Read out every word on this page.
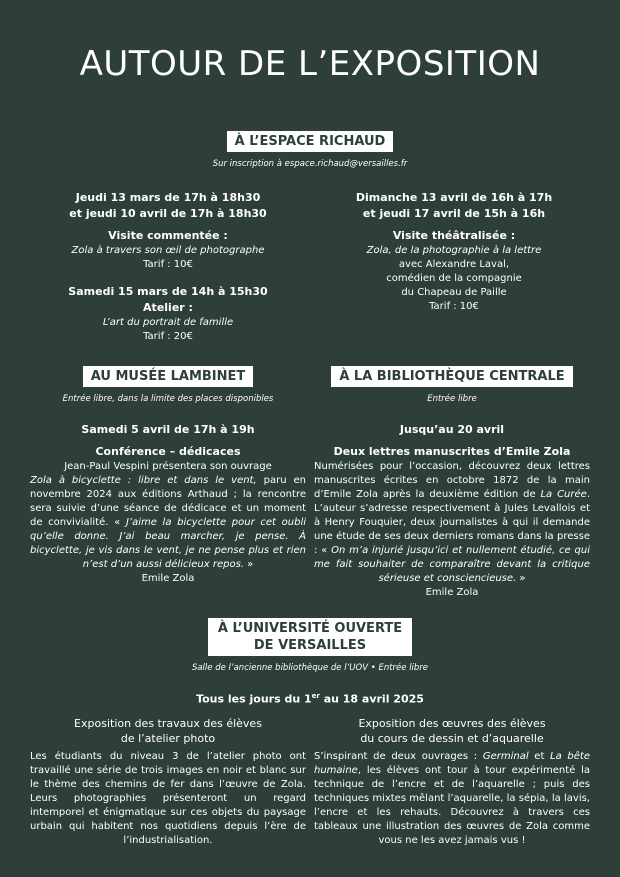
AUTOUR DE L’EXPOSITION
À L’ESPACE RICHAUD
Sur inscription à espace.richaud@versailles.fr
Jeudi 13 mars de 17h à 18h30
et jeudi 10 avril de 17h à 18h30
Visite commentée :
Zola à travers son œil de photographe
Tarif : 10€
Samedi 15 mars de 14h à 15h30
Atelier :
L’art du portrait de famille
Tarif : 20€
Dimanche 13 avril de 16h à 17h
et jeudi 17 avril de 15h à 16h
Visite théâtralisée :
Zola, de la photographie à la lettre
avec Alexandre Laval,
comédien de la compagnie
du Chapeau de Paille
Tarif : 10€
AU MUSÉE LAMBINET
Entrée libre, dans la limite des places disponibles
Samedi 5 avril de 17h à 19h
Conférence – dédicaces
Jean-Paul Vespini présentera son ouvrage
Zola à bicyclette : libre et dans le vent, paru en novembre 2024 aux éditions Arthaud ; la rencontre sera suivie d’une séance de dédicace et un moment de convivialité. « J’aime la bicyclette pour cet oubli qu’elle donne. J’ai beau marcher, je pense. À bicyclette, je vis dans le vent, je ne pense plus et rien n’est d’un aussi délicieux repos. »
Emile Zola
À LA BIBLIOTHÈQUE CENTRALE
Entrée libre
Jusqu’au 20 avril
Deux lettres manuscrites d’Emile Zola
Numérisées pour l’occasion, découvrez deux lettres manuscrites écrites en octobre 1872 de la main d’Emile Zola après la deuxième édition de La Curée. L’auteur s’adresse respectivement à Jules Levallois et à Henry Fouquier, deux journalistes à qui il demande une étude de ses deux derniers romans dans la presse : « On m’a injurié jusqu’ici et nullement étudié, ce qui me fait souhaiter de comparaître devant la critique sérieuse et consciencieuse. »
Emile Zola
À L’UNIVERSITÉ OUVERTE
DE VERSAILLES
Salle de l’ancienne bibliothèque de l’UOV • Entrée libre
Tous les jours du 1er au 18 avril 2025
Exposition des travaux des élèves
de l’atelier photo
Les étudiants du niveau 3 de l’atelier photo ont travaillé une série de trois images en noir et blanc sur le thème des chemins de fer dans l’œuvre de Zola. Leurs photographies présenteront un regard intemporel et énigmatique sur ces objets du paysage urbain qui habitent nos quotidiens depuis l’ère de l’industrialisation.
Exposition des œuvres des élèves
du cours de dessin et d’aquarelle
S’inspirant de deux ouvrages : Germinal et La bête humaine, les élèves ont tour à tour expérimenté la technique de l’encre et de l’aquarelle ; puis des techniques mixtes mêlant l’aquarelle, la sépia, la lavis, l’encre et les rehauts. Découvrez à travers ces tableaux une illustration des œuvres de Zola comme vous ne les avez jamais vus !
